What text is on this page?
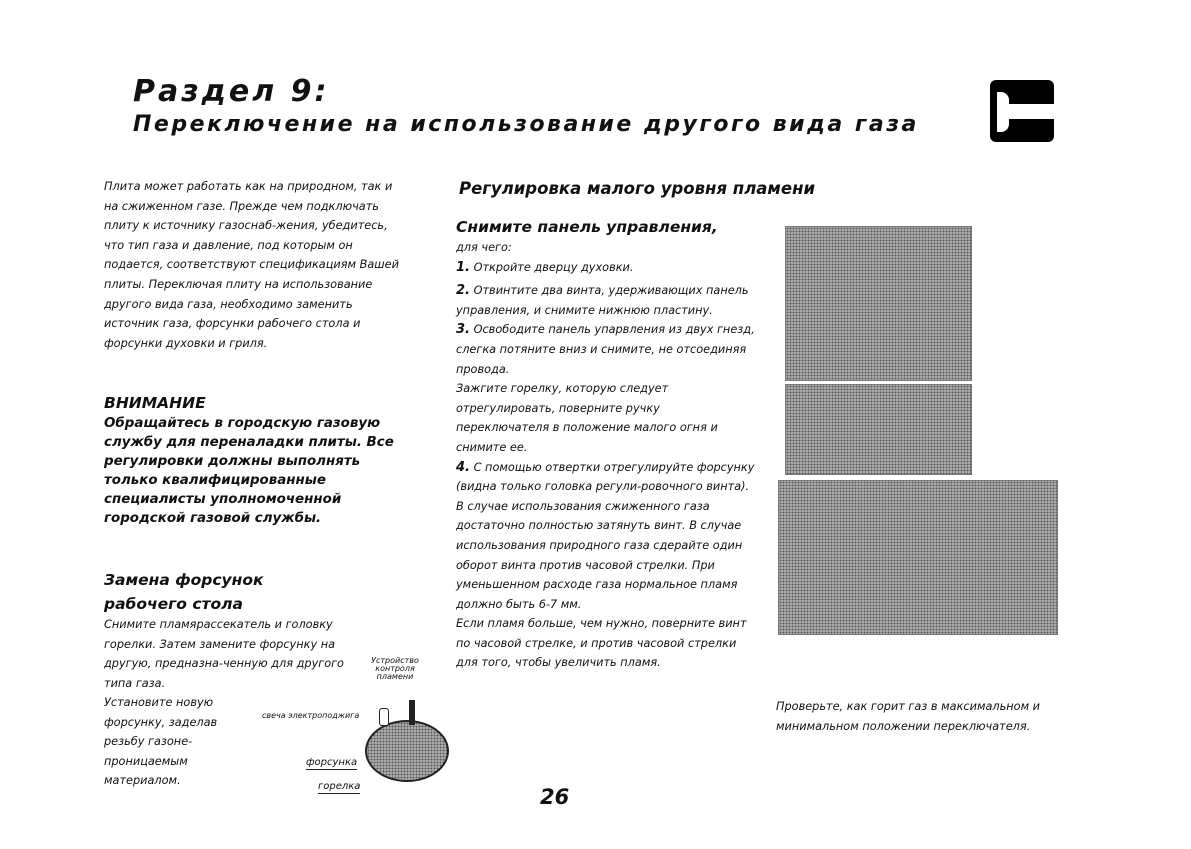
Раздел 9:
Переключение на использование другого вида газа
Плита может работать как на природном, так и на сжиженном газе. Прежде чем подключать плиту к источнику газоснаб-жения, убедитесь, что тип газа и давление, под которым он подается, соответствуют спецификациям Вашей плиты. Переключая плиту на использование другого вида газа, необходимо заменить источник газа, форсунки рабочего стола и форсунки духовки и гриля.
ВНИМАНИЕ
Обращайтесь в городскую газовую службу для переналадки плиты. Все регулировки должны выполнять только квалифицированные специалисты уполномоченной городской газовой службы.
Замена форсунок рабочего стола
Снимите пламярассекатель и головку горелки. Затем замените форсунку на другую, предназна-ченную для другого типа газа.
Установите новую форсунку, заделав резьбу газоне-проницаемым материалом.
Устройство контроля пламени
свеча электроподжига
форсунка
горелка
Регулировка малого уровня пламени
Снимите панель управления,

для чего:

1. Откройте дверцу духовки.

2. Отвинтите два винта, удерживающих панель управления, и снимите нижнюю пластину.

3. Освободите панель упарвления из двух гнезд, слегка потяните вниз и снимите, не отсоединяя провода.

Зажгите горелку, которую следует отрегулировать, поверните ручку переключателя в положение малого огня и снимите ее.

4. С помощью отвертки отрегулируйте форсунку (видна только головка регули-ровочного винта).

В случае использования сжиженного газа достаточно полностью затянуть винт. В случае использования природного газа сдерайте один оборот винта против часовой стрелки. При уменьшенном расходе газа нормальное пламя должно быть 6-7 мм.

Если пламя больше, чем нужно, поверните винт по часовой стрелке, и против часовой стрелки для того, чтобы увеличить пламя.

Проверьте, как горит газ в максимальном и минимальном положении переключателя.
26
